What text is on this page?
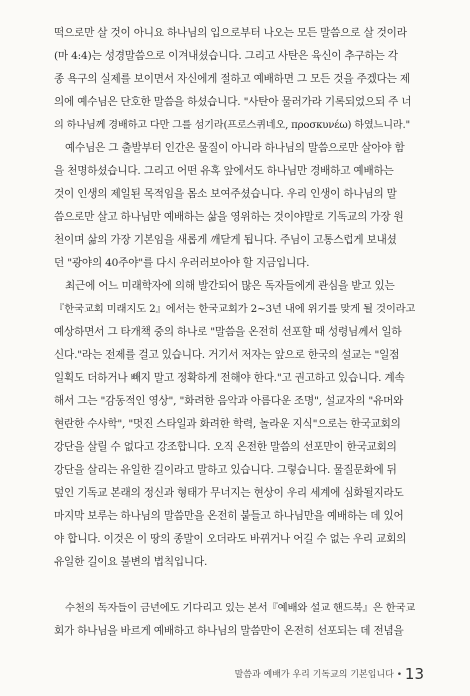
떡으로만 살 것이 아니요 하나님의 입으로부터 나오는 모든 말씀으로 살 것이라
(마 4:4)는 성경말씀으로 이겨내셨습니다. 그리고 사탄은 육신이 추구하는 각
종 욕구의 실제를 보이면서 자신에게 절하고 예배하면 그 모든 것을 주겠다는 제
의에 예수님은 단호한 말씀을 하셨습니다. "사탄아 물러가라 기록되었으되 주 너
의 하나님께 경배하고 다만 그를 섬기라(프로스퀴네오, προσκυνέω) 하였느니라."
예수님은 그 출발부터 인간은 물질이 아니라 하나님의 말씀으로만 살아야 함
을 천명하셨습니다. 그리고 어떤 유혹 앞에서도 하나님만 경배하고 예배하는
것이 인생의 제일된 목적임을 몸소 보여주셨습니다. 우리 인생이 하나님의 말
씀으로만 살고 하나님만 예배하는 삶을 영위하는 것이야말로 기독교의 가장 원
천이며 삶의 가장 기본임을 새롭게 깨닫게 됩니다. 주님이 고통스럽게 보내셨
던 "광야의 40주야"를 다시 우러러보아야 할 지금입니다.
최근에 어느 미래학자에 의해 발간되어 많은 독자들에게 관심을 받고 있는
『한국교회 미래지도 2』에서는 한국교회가 2~3년 내에 위기를 맞게 될 것이라고
예상하면서 그 타개책 중의 하나로 "말씀을 온전히 선포할 때 성령님께서 일하
신다."라는 전제를 걸고 있습니다. 거기서 저자는 앞으로 한국의 설교는 "일점
일획도 더하거나 빼지 말고 정확하게 전해야 한다."고 권고하고 있습니다. 계속
해서 그는 "감동적인 영상", "화려한 음악과 아름다운 조명", 설교자의 "유머와
현란한 수사학", "멋진 스타일과 화려한 학력, 놀라운 지식"으로는 한국교회의
강단을 살릴 수 없다고 강조합니다. 오직 온전한 말씀의 선포만이 한국교회의
강단을 살리는 유일한 길이라고 말하고 있습니다. 그렇습니다. 물질문화에 뒤
덮인 기독교 본래의 정신과 형태가 무너지는 현상이 우리 세계에 심화될지라도
마지막 보루는 하나님의 말씀만을 온전히 붙들고 하나님만을 예배하는 데 있어
야 합니다. 이것은 이 땅의 종말이 오더라도 바뀌거나 어길 수 없는 우리 교회의
유일한 길이요 불변의 법칙입니다.
수천의 독자들이 금년에도 기다리고 있는 본서『예배와 설교 핸드북』은 한국교
회가 하나님을 바르게 예배하고 하나님의 말씀만이 온전히 선포되는 데 전념을
말씀과 예배가 우리 기독교의 기본입니다 • 13
